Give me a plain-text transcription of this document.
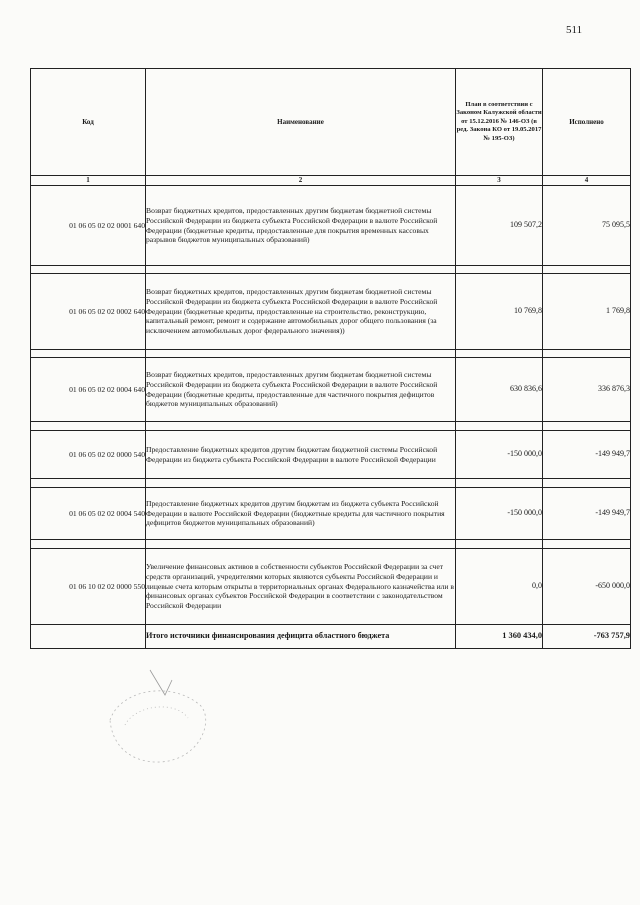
511
Код	Наименование	План в соответствии с Законом Калужской области от 15.12.2016 № 146-ОЗ (в ред. Закона КО от 19.05.2017 № 195-ОЗ)	Исполнено
1	2	3	4
01 06 05 02 02 0001 640	Возврат бюджетных кредитов, предоставленных другим бюджетам бюджетной системы Российской Федерации из бюджета субъекта Российской Федерации в валюте Российской Федерации (бюджетные кредиты, предоставленные для покрытия временных кассовых разрывов бюджетов муниципальных образований)	109 507,2	75 095,5

01 06 05 02 02 0002 640	Возврат бюджетных кредитов, предоставленных другим бюджетам бюджетной системы Российской Федерации из бюджета субъекта Российской Федерации в валюте Российской Федерации (бюджетные кредиты, предоставленные на строительство, реконструкцию, капитальный ремонт, ремонт и содержание автомобильных дорог общего пользования (за исключением автомобильных дорог федерального значения))	10 769,8	1 769,8

01 06 05 02 02 0004 640	Возврат бюджетных кредитов, предоставленных другим бюджетам бюджетной системы Российской Федерации из бюджета субъекта Российской Федерации в валюте Российской Федерации (бюджетные кредиты, предоставленные для частичного покрытия дефицитов бюджетов муниципальных образований)	630 836,6	336 876,3

01 06 05 02 02 0000 540	Предоставление бюджетных кредитов другим бюджетам бюджетной системы Российской Федерации из бюджета субъекта Российской Федерации в валюте Российской Федерации	-150 000,0	-149 949,7

01 06 05 02 02 0004 540	Предоставление бюджетных кредитов другим бюджетам из бюджета субъекта Российской Федерации в валюте Российской Федерации (бюджетные кредиты для частичного покрытия дефицитов бюджетов муниципальных образований)	-150 000,0	-149 949,7

01 06 10 02 02 0000 550	Увеличение финансовых активов в собственности субъектов Российской Федерации за счет средств организаций, учредителями которых являются субъекты Российской Федерации и лицевые счета которым открыты в территориальных органах Федерального казначейства или в финансовых органах субъектов Российской Федерации в соответствии с законодательством Российской Федерации	0,0	-650 000,0
	Итого источники финансирования дефицита областного бюджета	1 360 434,0	-763 757,9
